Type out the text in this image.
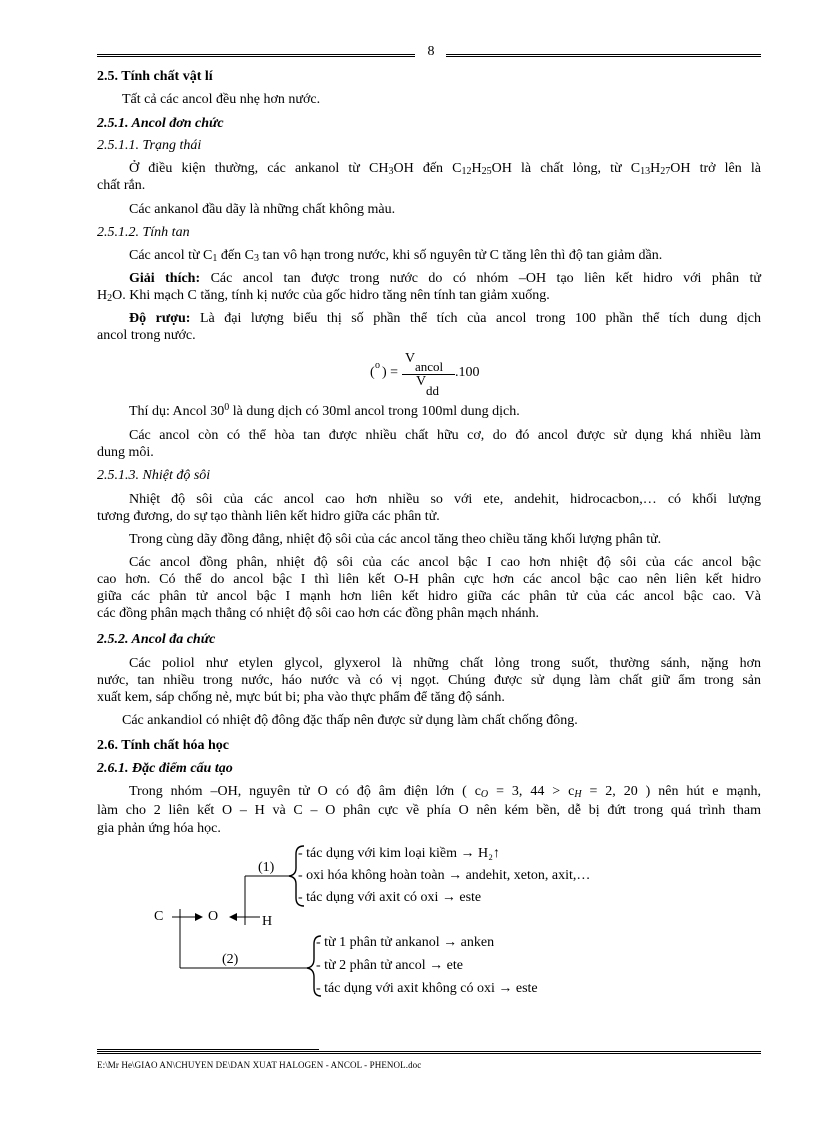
8
2.5. Tính chất vật lí
Tất cả các ancol đều nhẹ hơn nước.
2.5.1. Ancol đơn chức
2.5.1.1. Trạng thái
Ở điều kiện thường, các ankanol từ $CH_3OH$ đến $C_{12}H_{25}OH$ là chất lỏng, từ $C_{13}H_{27}OH$ trở lên là
chất rắn.
Các ankanol đầu dãy là những chất không màu.
2.5.1.2. Tính tan
Các ancol từ $C_1$ đến $C_3$ tan vô hạn trong nước, khi số nguyên tử C tăng lên thì độ tan giảm dần.
Giải thích: Các ancol tan được trong nước do có nhóm –OH tạo liên kết hidro với phân tử
$H_2O$. Khi mạch C tăng, tính kị nước của gốc hidro tăng nên tính tan giảm xuống.
Độ rượu: Là đại lượng biểu thị số phần thể tích của ancol trong 100 phần thể tích dung dịch
ancol trong nước.
( o ) =
V
ancol
V
dd
.100
Thí dụ: Ancol $30^0$ là dung dịch có 30ml ancol trong 100ml dung dịch.
Các ancol còn có thể hòa tan được nhiều chất hữu cơ, do đó ancol được sử dụng khá nhiều làm
dung môi.
2.5.1.3. Nhiệt độ sôi
Nhiệt độ sôi của các ancol cao hơn nhiều so với ete, andehit, hidrocacbon,… có khối lượng
tương đương, do sự tạo thành liên kết hidro giữa các phân tử.
Trong cùng dãy đồng đẳng, nhiệt độ sôi của các ancol tăng theo chiều tăng khối lượng phân tử.
Các ancol đồng phân, nhiệt độ sôi của các ancol bậc I cao hơn nhiệt độ sôi của các ancol bậc
cao hơn. Có thể do ancol bậc I thì liên kết O-H phân cực hơn các ancol bậc cao nên liên kết hidro
giữa các phân tử ancol bậc I mạnh hơn liên kết hidro giữa các phân tử của các ancol bậc cao. Và
các đồng phân mạch thẳng có nhiệt độ sôi cao hơn các đồng phân mạch nhánh.
2.5.2. Ancol đa chức
Các poliol như etylen glycol, glyxerol là những chất lỏng trong suốt, thường sánh, nặng hơn
nước, tan nhiều trong nước, háo nước và có vị ngọt. Chúng được sử dụng làm chất giữ ẩm trong sản
xuất kem, sáp chống nẻ, mực bút bi; pha vào thực phẩm để tăng độ sánh.
Các ankandiol có nhiệt độ đông đặc thấp nên được sử dụng làm chất chống đông.
2.6. Tính chất hóa học
2.6.1. Đặc điểm cấu tạo
Trong nhóm –OH, nguyên tử O có độ âm điện lớn ( $c_O = 3$, $44 > c_H = 2$, 20 ) nên hút e mạnh,
làm cho 2 liên kết O – H và C – O phân cực về phía O nên kém bền, dễ bị đứt trong quá trình tham
gia phản ứng hóa học.
C	O	H
(1)
(2)
- tác dụng với kim loại kiềm → H₂↑
- oxi hóa không hoàn toàn → andehit, xeton, axit,…
- tác dụng với axit có oxi → este
- từ 1 phân tử ankanol → anken
- từ 2 phân tử ancol → ete
- tác dụng với axit không có oxi → este
E:\Mr He\GIAO AN\CHUYEN DE\DAN XUAT HALOGEN - ANCOL - PHENOL.doc
